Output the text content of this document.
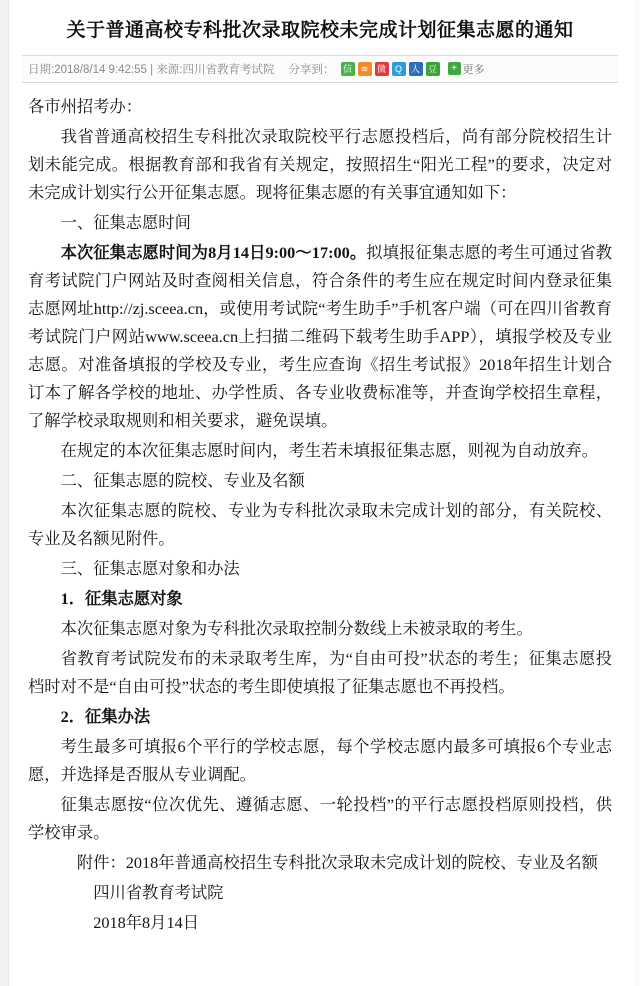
关于普通高校专科批次录取院校未完成计划征集志愿的通知
日期:2018/8/14 9:42:55 | 来源:四川省教育考试院 分享到： 信 ≋ 微 Q 人 豆	+ 更多

各市州招考办：

我省普通高校招生专科批次录取院校平行志愿投档后，尚有部分院校招生计划未能完成。根据教育部和我省有关规定，按照招生“阳光工程”的要求，决定对未完成计划实行公开征集志愿。现将征集志愿的有关事宜通知如下：

一、征集志愿时间

本次征集志愿时间为8月14日9:00～17:00。拟填报征集志愿的考生可通过省教育考试院门户网站及时查阅相关信息，符合条件的考生应在规定时间内登录征集志愿网址http://zj.sceea.cn，或使用考试院“考生助手”手机客户端（可在四川省教育考试院门户网站www.sceea.cn上扫描二维码下载考生助手APP），填报学校及专业志愿。对准备填报的学校及专业，考生应查询《招生考试报》2018年招生计划合订本了解各学校的地址、办学性质、各专业收费标准等，并查询学校招生章程，了解学校录取规则和相关要求，避免误填。

在规定的本次征集志愿时间内，考生若未填报征集志愿，则视为自动放弃。

二、征集志愿的院校、专业及名额

本次征集志愿的院校、专业为专科批次录取未完成计划的部分，有关院校、专业及名额见附件。

三、征集志愿对象和办法

1．征集志愿对象

本次征集志愿对象为专科批次录取控制分数线上未被录取的考生。

省教育考试院发布的未录取考生库，为“自由可投”状态的考生；征集志愿投档时对不是“自由可投”状态的考生即使填报了征集志愿也不再投档。

2．征集办法

考生最多可填报6个平行的学校志愿，每个学校志愿内最多可填报6个专业志愿，并选择是否服从专业调配。

征集志愿按“位次优先、遵循志愿、一轮投档”的平行志愿投档原则投档，供学校审录。

附件：2018年普通高校招生专科批次录取未完成计划的院校、专业及名额

四川省教育考试院

2018年8月14日
